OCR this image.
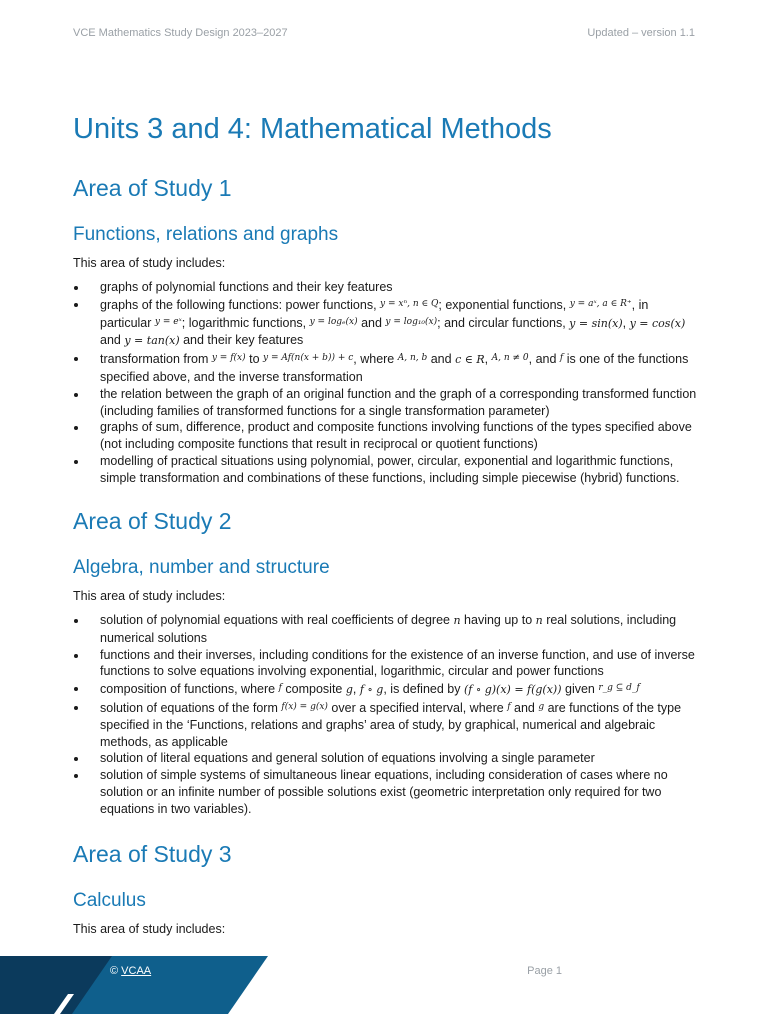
VCE Mathematics Study Design 2023–2027	Updated – version 1.1
Units 3 and 4: Mathematical Methods
Area of Study 1
Functions, relations and graphs
This area of study includes:
graphs of polynomial functions and their key features
graphs of the following functions: power functions, $^{y = x^n, n \in Q}$; exponential functions, $^{y = aˣ, a \in R^+}$, in particular $^{y = eˣ}$; logarithmic functions, $^{y = log_e(x)}$ and $^{y = log_{10}(x)}$; and circular functions, y = sin(x), y = cos(x) and y = tan(x) and their key features
transformation from $^{y = f(x)}$ to $^{y = Af(n(x + b)) + c}$, where $^{A, n, b}$ and c ∈ R, $^{A, n \ne 0}$, and $^f$ is one of the functions specified above, and the inverse transformation
the relation between the graph of an original function and the graph of a corresponding transformed function (including families of transformed functions for a single transformation parameter)
graphs of sum, difference, product and composite functions involving functions of the types specified above (not including composite functions that result in reciprocal or quotient functions)
modelling of practical situations using polynomial, power, circular, exponential and logarithmic functions, simple transformation and combinations of these functions, including simple piecewise (hybrid) functions.
Area of Study 2
Algebra, number and structure
This area of study includes:
solution of polynomial equations with real coefficients of degree n having up to n real solutions, including numerical solutions
functions and their inverses, including conditions for the existence of an inverse function, and use of inverse functions to solve equations involving exponential, logarithmic, circular and power functions
composition of functions, where $^f$ composite g, f ∘ g, is defined by (f ∘ g)(x) = f(g(x)) given $^{r\_g ⊆ d\_f}$
solution of equations of the form $^{f(x) = g(x)}$ over a specified interval, where $^f$ and $^g$ are functions of the type specified in the ‘Functions, relations and graphs’ area of study, by graphical, numerical and algebraic methods, as applicable
solution of literal equations and general solution of equations involving a single parameter
solution of simple systems of simultaneous linear equations, including consideration of cases where no solution or an infinite number of possible solutions exist (geometric interpretation only required for two equations in two variables).
Area of Study 3
Calculus
This area of study includes:
© VCAA	Page 1
